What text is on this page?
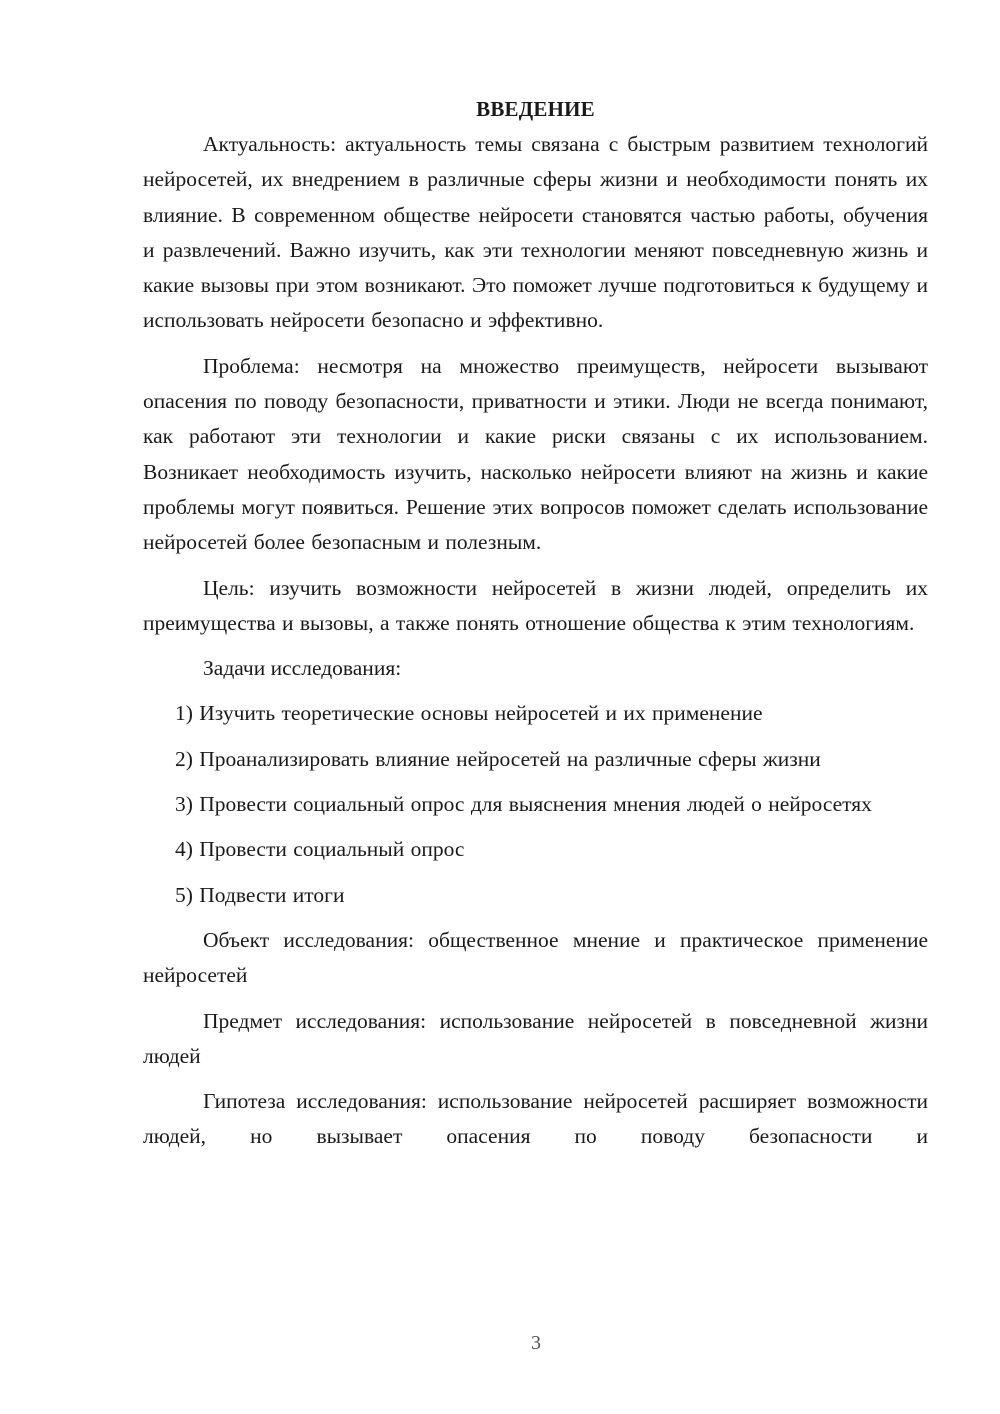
ВВЕДЕНИЕ

Актуальность: актуальность темы связана с быстрым развитием технологий нейросетей, их внедрением в различные сферы жизни и необходимости понять их влияние. В современном обществе нейросети становятся частью работы, обучения и развлечений. Важно изучить, как эти технологии меняют повседневную жизнь и какие вызовы при этом возникают. Это поможет лучше подготовиться к будущему и использовать нейросети безопасно и эффективно.

Проблема: несмотря на множество преимуществ, нейросети вызывают опасения по поводу безопасности, приватности и этики. Люди не всегда понимают, как работают эти технологии и какие риски связаны с их использованием. Возникает необходимость изучить, насколько нейросети влияют на жизнь и какие проблемы могут появиться. Решение этих вопросов поможет сделать использование нейросетей более безопасным и полезным.

Цель: изучить возможности нейросетей в жизни людей, определить их преимущества и вызовы, а также понять отношение общества к этим технологиям.

Задачи исследования:

1) Изучить теоретические основы нейросетей и их применение

2) Проанализировать влияние нейросетей на различные сферы жизни

3) Провести социальный опрос для выяснения мнения людей о нейросетях

4) Провести социальный опрос

5) Подвести итоги

Объект исследования: общественное мнение и практическое применение нейросетей

Предмет исследования: использование нейросетей в повседневной жизни людей

Гипотеза исследования: использование нейросетей расширяет возможности людей, но вызывает опасения по поводу безопасности и

3
